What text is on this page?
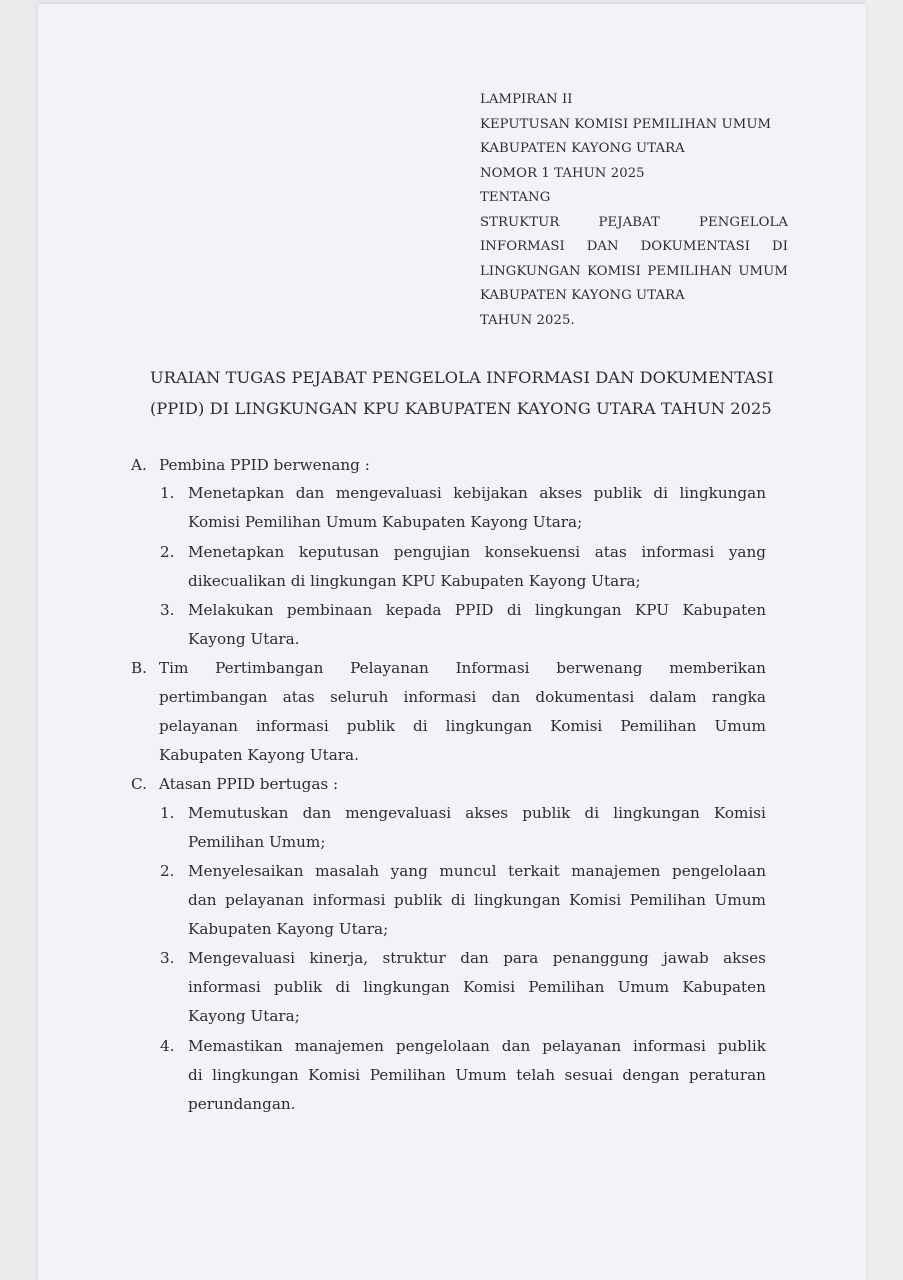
LAMPIRAN II
KEPUTUSAN KOMISI PEMILIHAN UMUM
KABUPATEN KAYONG UTARA
NOMOR 1 TAHUN 2025
TENTANG
STRUKTUR	PEJABAT	PENGELOLA
INFORMASI DAN DOKUMENTASI DI
LINGKUNGAN KOMISI PEMILIHAN UMUM
KABUPATEN KAYONG UTARA
TAHUN 2025.
URAIAN TUGAS PEJABAT PENGELOLA INFORMASI DAN DOKUMENTASI
(PPID) DI LINGKUNGAN KPU KABUPATEN KAYONG UTARA TAHUN 2025
A. Pembina PPID berwenang :
1. Menetapkan dan mengevaluasi kebijakan akses publik di lingkungan
Komisi Pemilihan Umum Kabupaten Kayong Utara;
2. Menetapkan keputusan pengujian konsekuensi atas informasi yang
dikecualikan di lingkungan KPU Kabupaten Kayong Utara;
3. Melakukan pembinaan kepada PPID di lingkungan KPU Kabupaten
Kayong Utara.
B. Tim Pertimbangan Pelayanan Informasi berwenang memberikan
pertimbangan atas seluruh informasi dan dokumentasi dalam rangka
pelayanan informasi publik di lingkungan Komisi Pemilihan Umum
Kabupaten Kayong Utara.
C. Atasan PPID bertugas :
1. Memutuskan dan mengevaluasi akses publik di lingkungan Komisi
Pemilihan Umum;
2. Menyelesaikan masalah yang muncul terkait manajemen pengelolaan
dan pelayanan informasi publik di lingkungan Komisi Pemilihan Umum
Kabupaten Kayong Utara;
3. Mengevaluasi kinerja, struktur dan para penanggung jawab akses
informasi publik di lingkungan Komisi Pemilihan Umum Kabupaten
Kayong Utara;
4. Memastikan manajemen pengelolaan dan pelayanan informasi publik
di lingkungan Komisi Pemilihan Umum telah sesuai dengan peraturan
perundangan.
